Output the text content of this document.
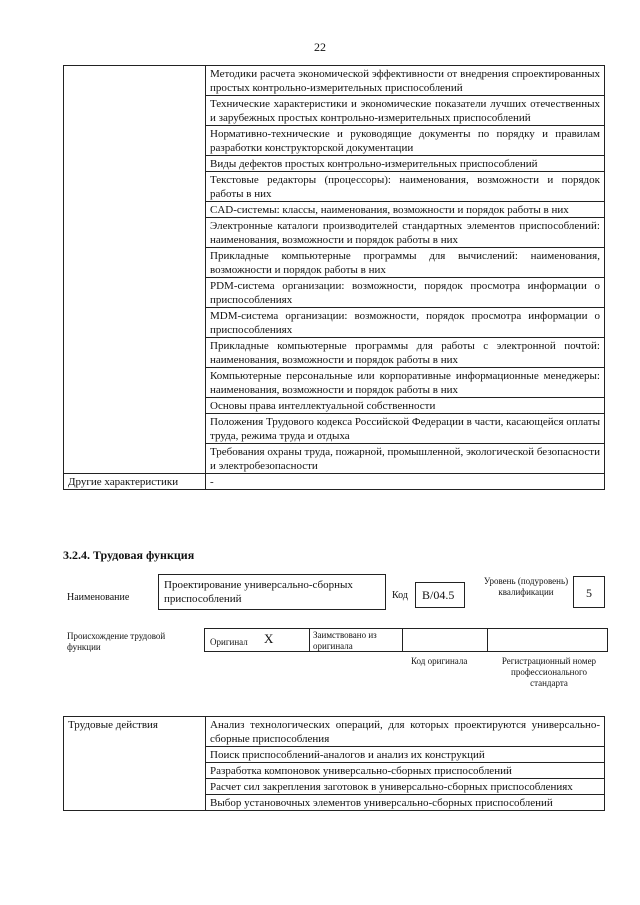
22
	Методики расчета экономической эффективности от внедрения спроектированных простых контрольно-измерительных приспособлений
	Технические характеристики и экономические показатели лучших отечественных и зарубежных простых контрольно-измерительных приспособлений
	Нормативно-технические и руководящие документы по порядку и правилам разработки конструкторской документации
	Виды дефектов простых контрольно-измерительных приспособлений
	Текстовые редакторы (процессоры): наименования, возможности и порядок работы в них
	CAD-системы: классы, наименования, возможности и порядок работы в них
	Электронные каталоги производителей стандартных элементов приспособлений: наименования, возможности и порядок работы в них
	Прикладные компьютерные программы для вычислений: наименования, возможности и порядок работы в них
	PDM-система организации: возможности, порядок просмотра информации о приспособлениях
	MDM-система организации: возможности, порядок просмотра информации о приспособлениях
	Прикладные компьютерные программы для работы с электронной почтой: наименования, возможности и порядок работы в них
	Компьютерные персональные или корпоративные информационные менеджеры: наименования, возможности и порядок работы в них
	Основы права интеллектуальной собственности
	Положения Трудового кодекса Российской Федерации в части, касающейся оплаты труда, режима труда и отдыха
	Требования охраны труда, пожарной, промышленной, экологической безопасности и электробезопасности
Другие характеристики	-
3.2.4. Трудовая функция
Наименование
Проектирование универсально-сборных приспособлений	Код	В/04.5
Уровень (подуровень) квалификации	5
Происхождение трудовой функции	Оригинал X	Заимствовано из оригинала
Код оригинала	Регистрационный номер профессионального стандарта
Трудовые действия	Анализ технологических операций, для которых проектируются универсально-сборные приспособления
Поиск приспособлений-аналогов и анализ их конструкций
Разработка компоновок универсально-сборных приспособлений
Расчет сил закрепления заготовок в универсально-сборных приспособлениях
Выбор установочных элементов универсально-сборных приспособлений
